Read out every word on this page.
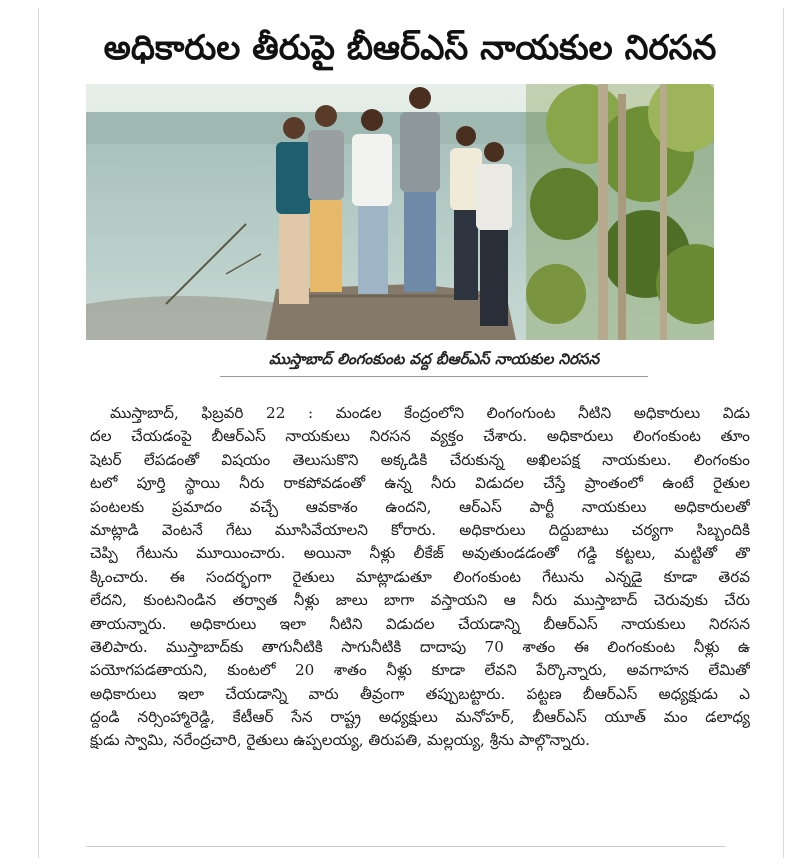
అధికారుల తీరుపై బీఆర్ఎస్ నాయకుల నిరసన
ముస్తాబాద్ లింగంకుంట వద్ద బీఆర్ఎస్ నాయకుల నిరసన
ముస్తాబాద్, ఫిబ్రవరి 22 : మండల కేంద్రంలోని లింగంగుంట నీటిని అధికారులు విడు
దల చేయడంపై బీఆర్ఎస్ నాయకులు నిరసన వ్యక్తం చేశారు. అధికారులు లింగంకుంట తూం
షెటర్ లేపడంతో విషయం తెలుసుకొని అక్కడికి చేరుకున్న అఖిలపక్ష నాయకులు. లింగంకుం
టలో పూర్తి స్థాయి నీరు రాకపోవడంతో ఉన్న నీరు విడుదల చేస్తే ప్రాంతంలో ఉంటే రైతుల
పంటలకు ప్రమాదం వచ్చే ఆవకాశం ఉందని, ఆర్ఎస్ పార్టీ నాయకులు అధికారులతో
మాట్లాడి వెంటనే గేటు మూసివేయాలని కోరారు. అధికారులు దిద్దుబాటు చర్యగా సిబ్బందికి
చెప్పి గేటును మూయించారు. అయినా నీళ్లు లీకేజ్ అవుతుండడంతో గడ్డి కట్టలు, మట్టితో తొ
క్కించారు. ఈ సందర్భంగా రైతులు మాట్లాడుతూ లింగంకుంట గేటును ఎన్నడై కూడా తెరవ
లేదని, కుంటనిండిన తర్వాత నీళ్లు జాలు బాగా వస్తాయని ఆ నీరు ముస్తాబాద్ చెరువుకు చేరు
తాయన్నారు. అధికారులు ఇలా నీటిని విడుదల చేయడాన్ని బీఆర్ఎస్ నాయకులు నిరసన
తెలిపారు. ముస్తాబాద్‌కు తాగునీటికి సాగునీటికి దాదాపు 70 శాతం ఈ లింగంకుంట నీళ్లు ఉ
పయోగపడతాయని, కుంటలో 20 శాతం నీళ్లు కూడా లేవని పేర్కొన్నారు, అవగాహన లేమితో
అధికారులు ఇలా చేయడాన్ని వారు తీవ్రంగా తప్పుబట్టారు. పట్టణ బీఆర్ఎస్ అధ్యక్షుడు ఎ
ద్దండి నర్సింహ్మారెడ్డి, కేటీఆర్ సేన రాష్ట్ర అధ్యక్షులు మనోహర్, బీఆర్ఎస్ యూత్ మం డలాధ్య
క్షుడు స్వామి, నరేంద్రచారి, రైతులు ఉప్పలయ్య, తిరుపతి, మల్లయ్య, శ్రీను పాల్గొన్నారు.
